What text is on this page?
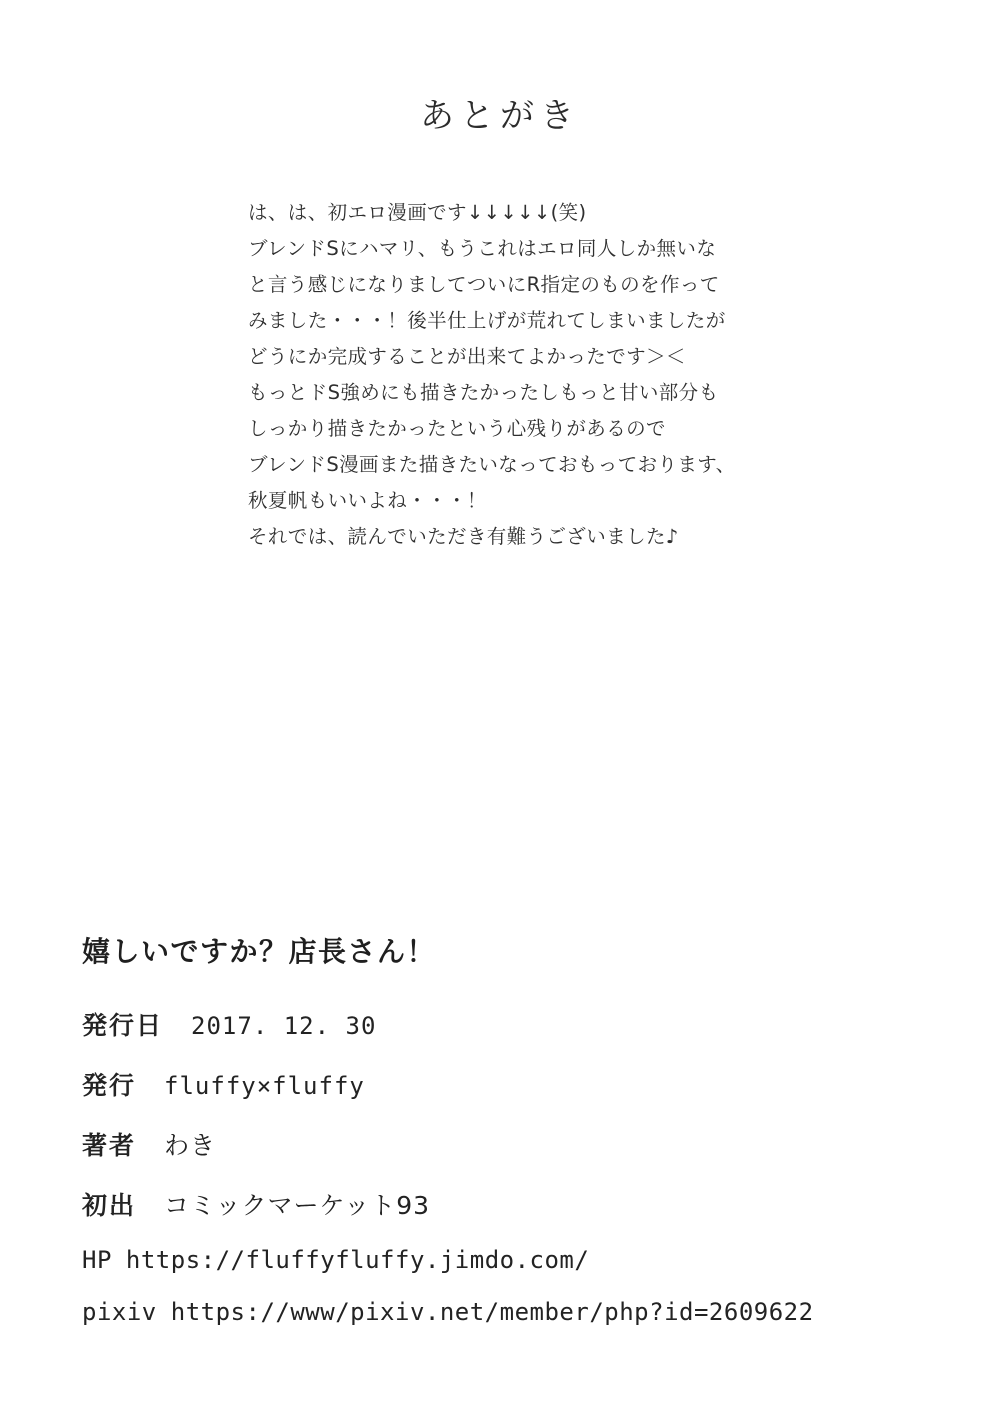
あとがき

は、は、初エロ漫画です↓↓↓↓↓(笑)

ブレンドSにハマリ、もうこれはエロ同人しか無いな

と言う感じになりましてついにR指定のものを作って

みました・・・！後半仕上げが荒れてしまいましたが

どうにか完成することが出来てよかったです＞＜

もっとドS強めにも描きたかったしもっと甘い部分も

しっかり描きたかったという心残りがあるので

ブレンドS漫画また描きたいなっておもっております、

秋夏帆もいいよね・・・！

それでは、読んでいただき有難うございました♪

嬉しいですか？店長さん！
発行日 2017. 12. 30
発行 fluffy×fluffy
著者 わき
初出 コミックマーケット93
HP https://fluffyfluffy.jimdo.com/
pixiv https://www/pixiv.net/member/php?id=2609622
